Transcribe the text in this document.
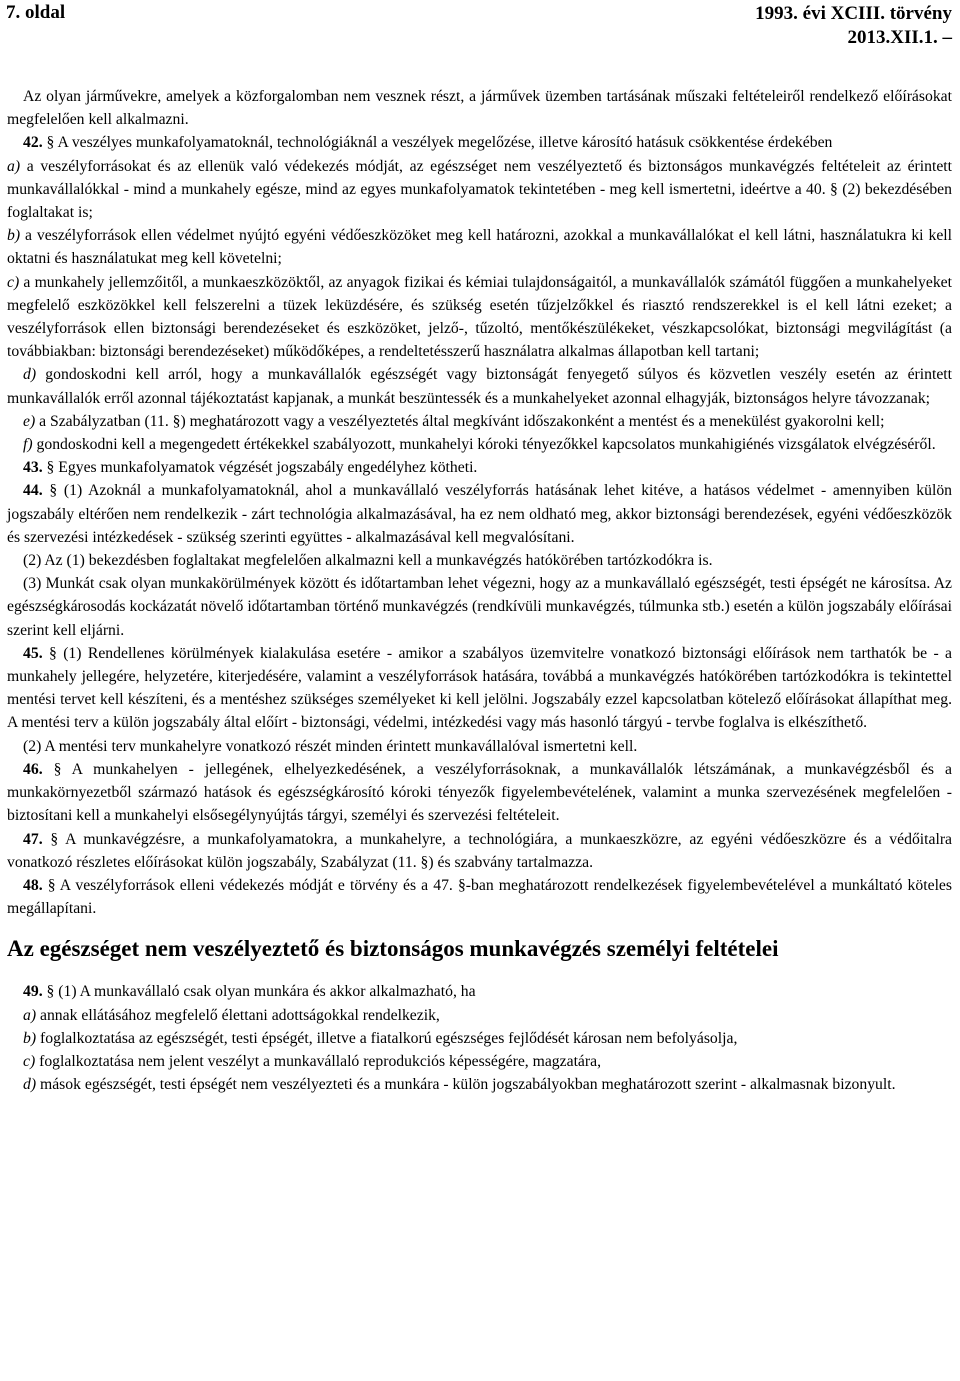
7. oldal	1993. évi XCIII. törvény
2013.XII.1. –

Az olyan járművekre, amelyek a közforgalomban nem vesznek részt, a járművek üzemben tartásának műszaki feltételeiről rendelkező előírásokat megfelelően kell alkalmazni.

42. § A veszélyes munkafolyamatoknál, technológiáknál a veszélyek megelőzése, illetve károsító hatásuk csökkentése érdekében

a) a veszélyforrásokat és az ellenük való védekezés módját, az egészséget nem veszélyeztető és biztonságos munkavégzés feltételeit az érintett munkavállalókkal - mind a munkahely egésze, mind az egyes munkafolyamatok tekintetében - meg kell ismertetni, ideértve a 40. § (2) bekezdésében foglaltakat is;

b) a veszélyforrások ellen védelmet nyújtó egyéni védőeszközöket meg kell határozni, azokkal a munkavállalókat el kell látni, használatukra ki kell oktatni és használatukat meg kell követelni;

c) a munkahely jellemzőitől, a munkaeszközöktől, az anyagok fizikai és kémiai tulajdonságaitól, a munkavállalók számától függően a munkahelyeket megfelelő eszközökkel kell felszerelni a tüzek leküzdésére, és szükség esetén tűzjelzőkkel és riasztó rendszerekkel is el kell látni ezeket; a veszélyforrások ellen biztonsági berendezéseket és eszközöket, jelző-, tűzoltó, mentőkészülékeket, vészkapcsolókat, biztonsági megvilágítást (a továbbiakban: biztonsági berendezéseket) működőképes, a rendeltetésszerű használatra alkalmas állapotban kell tartani;

d) gondoskodni kell arról, hogy a munkavállalók egészségét vagy biztonságát fenyegető súlyos és közvetlen veszély esetén az érintett munkavállalók erről azonnal tájékoztatást kapjanak, a munkát beszüntessék és a munkahelyeket azonnal elhagyják, biztonságos helyre távozzanak;

e) a Szabályzatban (11. §) meghatározott vagy a veszélyeztetés által megkívánt időszakonként a mentést és a menekülést gyakorolni kell;

f) gondoskodni kell a megengedett értékekkel szabályozott, munkahelyi kóroki tényezőkkel kapcsolatos munkahigiénés vizsgálatok elvégzéséről.

43. § Egyes munkafolyamatok végzését jogszabály engedélyhez kötheti.

44. § (1) Azoknál a munkafolyamatoknál, ahol a munkavállaló veszélyforrás hatásának lehet kitéve, a hatásos védelmet - amennyiben külön jogszabály eltérően nem rendelkezik - zárt technológia alkalmazásával, ha ez nem oldható meg, akkor biztonsági berendezések, egyéni védőeszközök és szervezési intézkedések - szükség szerinti együttes - alkalmazásával kell megvalósítani.

(2) Az (1) bekezdésben foglaltakat megfelelően alkalmazni kell a munkavégzés hatókörében tartózkodókra is.

(3) Munkát csak olyan munkakörülmények között és időtartamban lehet végezni, hogy az a munkavállaló egészségét, testi épségét ne károsítsa. Az egészségkárosodás kockázatát növelő időtartamban történő munkavégzés (rendkívüli munkavégzés, túlmunka stb.) esetén a külön jogszabály előírásai szerint kell eljárni.

45. § (1) Rendellenes körülmények kialakulása esetére - amikor a szabályos üzemvitelre vonatkozó biztonsági előírások nem tarthatók be - a munkahely jellegére, helyzetére, kiterjedésére, valamint a veszélyforrások hatására, továbbá a munkavégzés hatókörében tartózkodókra is tekintettel mentési tervet kell készíteni, és a mentéshez szükséges személyeket ki kell jelölni. Jogszabály ezzel kapcsolatban kötelező előírásokat állapíthat meg. A mentési terv a külön jogszabály által előírt - biztonsági, védelmi, intézkedési vagy más hasonló tárgyú - tervbe foglalva is elkészíthető.

(2) A mentési terv munkahelyre vonatkozó részét minden érintett munkavállalóval ismertetni kell.

46. § A munkahelyen - jellegének, elhelyezkedésének, a veszélyforrásoknak, a munkavállalók létszámának, a munkavégzésből és a munkakörnyezetből származó hatások és egészségkárosító kóroki tényezők figyelembevételének, valamint a munka szervezésének megfelelően - biztosítani kell a munkahelyi elsősegélynyújtás tárgyi, személyi és szervezési feltételeit.

47. § A munkavégzésre, a munkafolyamatokra, a munkahelyre, a technológiára, a munkaeszközre, az egyéni védőeszközre és a védőitalra vonatkozó részletes előírásokat külön jogszabály, Szabályzat (11. §) és szabvány tartalmazza.

48. § A veszélyforrások elleni védekezés módját e törvény és a 47. §-ban meghatározott rendelkezések figyelembevételével a munkáltató köteles megállapítani.

Az egészséget nem veszélyeztető és biztonságos munkavégzés személyi feltételei

49. § (1) A munkavállaló csak olyan munkára és akkor alkalmazható, ha

a) annak ellátásához megfelelő élettani adottságokkal rendelkezik,

b) foglalkoztatása az egészségét, testi épségét, illetve a fiatalkorú egészséges fejlődését károsan nem befolyásolja,

c) foglalkoztatása nem jelent veszélyt a munkavállaló reprodukciós képességére, magzatára,

d) mások egészségét, testi épségét nem veszélyezteti és a munkára - külön jogszabályokban meghatározott szerint - alkalmasnak bizonyult.
